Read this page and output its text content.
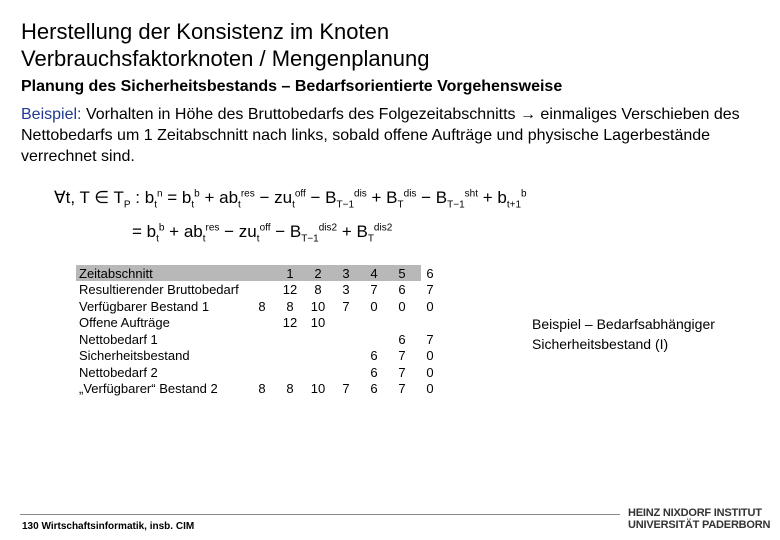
Herstellung der Konsistenz im Knoten
Verbrauchsfaktorknoten / Mengenplanung
Planung des Sicherheitsbestands – Bedarfsorientierte Vorgehensweise
Beispiel: Vorhalten in Höhe des Bruttobedarfs des Folgezeitabschnitts → einmaliges Verschieben des Nettobedarfs um 1 Zeitabschnitt nach links, sobald offene Aufträge und physische Lagerbestände verrechnet sind.
∀t, T ∈ $T_P$ : $b_t^n = b_t^b + ab_t^{res} - zu_t^{off} - B_{T-1}^{dis} + B_T^{dis} - B_{T-1}^{sht} + b_{t+1}^b$
= $b_t^b + ab_t^{res} - zu_t^{off} - B_{T-1}^{dis2} + B_T^{dis2}$
Zeitabschnitt		1	2	3	4	5	6
Resultierender Bruttobedarf		12	8	3	7	6	7
Verfügbarer Bestand 1	8	8	10	7	0	0	0
Offene Aufträge		12	10				
Nettobedarf 1						6	7
Sicherheitsbestand					6	7	0
Nettobedarf 2					6	7	0
„Verfügbarer“ Bestand 2	8	8	10	7	6	7	0
Beispiel – Bedarfsabhängiger
Sicherheitsbestand (I)
130 Wirtschaftsinformatik, insb. CIM
HEINZ NIXDORF INSTITUT
UNIVERSITÄT PADERBORN
